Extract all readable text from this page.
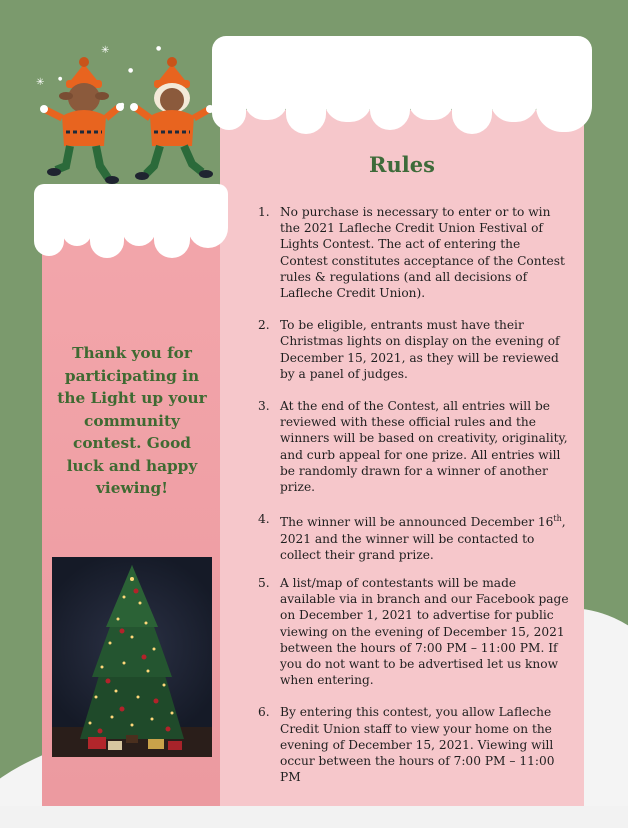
✳
✳
●
●
●
Rules
1. No purchase is necessary to enter or to win the 2021 Lafleche Credit Union Festival of Lights Contest. The act of entering the Contest constitutes acceptance of the Contest rules & regulations (and all decisions of Lafleche Credit Union).
2. To be eligible, entrants must have their Christmas lights on display on the evening of December 15, 2021, as they will be reviewed by a panel of judges.
3. At the end of the Contest, all entries will be reviewed with these official rules and the winners will be based on creativity, originality, and curb appeal for one prize. All entries will be randomly drawn for a winner of another prize.
4. The winner will be announced December 16th, 2021 and the winner will be contacted to collect their grand prize.
5. A list/map of contestants will be made available via in branch and our Facebook page on December 1, 2021 to advertise for public viewing on the evening of December 15, 2021 between the hours of 7:00 PM – 11:00 PM. If you do not want to be advertised let us know when entering.
6. By entering this contest, you allow Lafleche Credit Union staff to view your home on the evening of December 15, 2021. Viewing will occur between the hours of 7:00 PM – 11:00 PM
Thank you for participating in the Light up your community contest. Good luck and happy viewing!
